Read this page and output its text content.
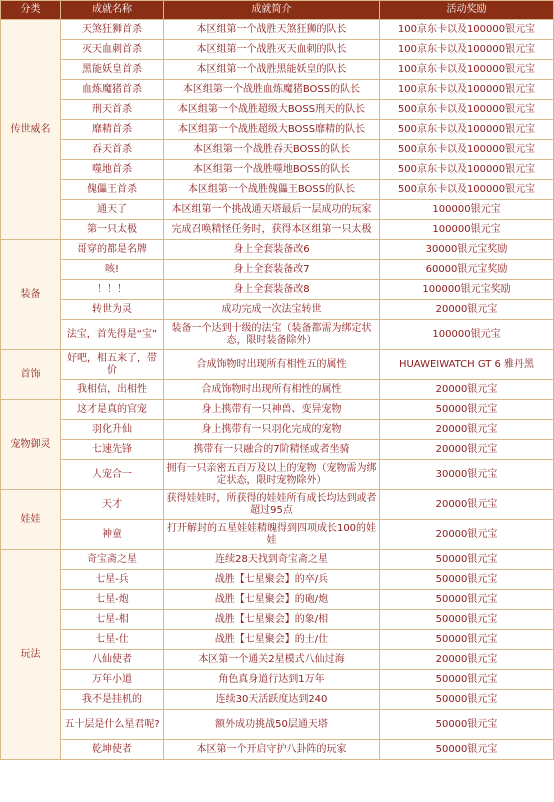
分类	成就名称	成就简介	活动奖励
传世威名	天煞狂狮首杀	本区组第一个战胜天煞狂狮的队长	100京东卡以及100000银元宝
	灭天血刺首杀	本区组第一个战胜灭天血刺的队长	100京东卡以及100000银元宝
	黑能妖皇首杀	本区组第一个战胜黑能妖皇的队长	100京东卡以及100000银元宝
	血炼魔猪首杀	本区组第一个战胜血炼魔猪BOSS的队长	100京东卡以及100000银元宝
	刑天首杀	本区组第一个战胜超级大BOSS刑天的队长	500京东卡以及100000银元宝
	靡精首杀	本区组第一个战胜超级大BOSS靡精的队长	500京东卡以及100000银元宝
	吞天首杀	本区组第一个战胜吞天BOSS的队长	500京东卡以及100000银元宝
	噬地首杀	本区组第一个战胜噬地BOSS的队长	500京东卡以及100000银元宝
	傀儡王首杀	本区组第一个战胜傀儡王BOSS的队长	500京东卡以及100000银元宝
	通天了	本区组第一个挑战通天塔最后一层成功的玩家	100000银元宝
	第一只太极	完成召唤精怪任务时，获得本区组第一只太极	100000银元宝
装备	哥穿的都是名牌	身上全套装备改6	30000银元宝奖励
	咳!	身上全套装备改7	60000银元宝奖励
	！！！	身上全套装备改8	100000银元宝奖励
	转世为灵	成功完成一次法宝转世	20000银元宝
	法宝，首先得是“宝”	装备一个达到十级的法宝（装备都需为绑定状态，限时装备除外）	100000银元宝
首饰	好吧，相五来了，带价	合成饰物时出现所有相性五的属性	HUAWEIWATCH GT 6 雅丹黑
	我相信，出相性	合成饰物时出现所有相性的属性	20000银元宝
宠物御灵	这才是真的官宠	身上携带有一只神兽、变异宠物	50000银元宝
	羽化升仙	身上携带有一只羽化完成的宠物	20000银元宝
	七速先锋	携带有一只融合的7阶精怪或者坐骑	20000银元宝
	人宠合一	拥有一只亲密五百万及以上的宠物（宠物需为绑定状态，限时宠物除外）	30000银元宝
娃娃	天才	获得娃娃时，所获得的娃娃所有成长均达到或者超过95点	20000银元宝
	神童	打开解封的五星娃娃精魄得到四项成长100的娃娃	20000银元宝
玩法	奇宝斋之星	连续28天找到奇宝斋之星	50000银元宝
	七星-兵	战胜【七星聚会】的卒/兵	50000银元宝
	七星-炮	战胜【七星聚会】的砲/炮	50000银元宝
	七星-相	战胜【七星聚会】的象/相	50000银元宝
	七星-仕	战胜【七星聚会】的士/仕	50000银元宝
	八仙使者	本区第一个通关2星模式八仙过海	20000银元宝
	万年小道	角色真身道行达到1万年	50000银元宝
	我不是挂机的	连续30天活跃度达到240	50000银元宝
	五十层是什么星君呢?	额外成功挑战50层通天塔	50000银元宝
	乾坤使者	本区第一个开启守护八卦阵的玩家	50000银元宝
